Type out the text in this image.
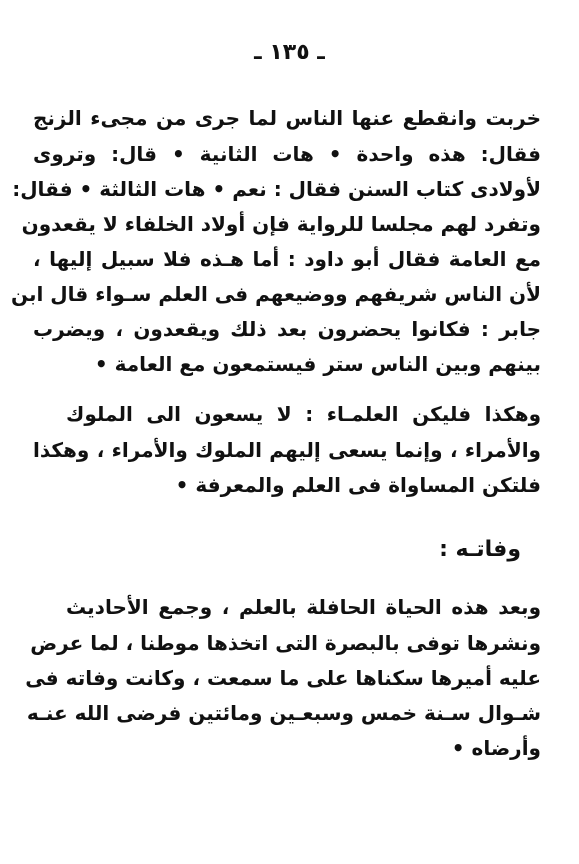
ـ ١٣٥ ـ
خربت وانقطع عنها الناس لما جرى من مجىء الزنج
فقال: هذه واحدة • هات الثانية • قال: وتروى
لأولادى كتاب السنن فقال : نعم • هات الثالثة • فقال:
وتفرد لهم مجلسا للرواية فإن أولاد الخلفاء لا يقعدون
مع العامة فقال أبو داود : أما هـذه فلا سبيل إليها ،
لأن الناس شريفهم ووضيعهم فى العلم سـواء قال ابن
جابر : فكانوا يحضرون بعد ذلك ويقعدون ، ويضرب
بينهم وبين الناس ستر فيستمعون مع العامة •
وهكذا فليكن العلمـاء : لا يسعون الى الملوك
والأمراء ، وإنما يسعى إليهم الملوك والأمراء ، وهكذا
فلتكن المساواة فى العلم والمعرفة •
وفاتـه :
وبعد هذه الحياة الحافلة بالعلم ، وجمع الأحاديث
ونشرها توفى بالبصرة التى اتخذها موطنا ، لما عرض
عليه أميرها سكناها على ما سمعت ، وكانت وفاته فى
شـوال سـنة خمس وسبعـين ومائتين فرضى الله عنـه
وأرضاه •
